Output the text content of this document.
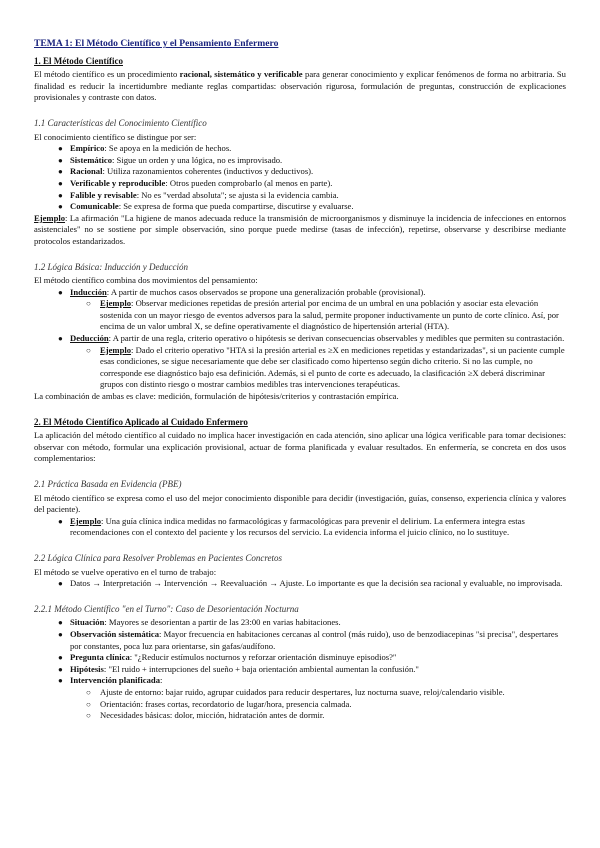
TEMA 1: El Método Científico y el Pensamiento Enfermero

1. El Método Científico

El método científico es un procedimiento racional, sistemático y verificable para generar conocimiento y explicar fenómenos de forma no arbitraria. Su finalidad es reducir la incertidumbre mediante reglas compartidas: observación rigurosa, formulación de preguntas, construcción de explicaciones provisionales y contraste con datos.

1.1 Características del Conocimiento Científico

El conocimiento científico se distingue por ser:

● Empírico: Se apoya en la medición de hechos.
● Sistemático: Sigue un orden y una lógica, no es improvisado.
● Racional: Utiliza razonamientos coherentes (inductivos y deductivos).
● Verificable y reproducible: Otros pueden comprobarlo (al menos en parte).
● Falible y revisable: No es "verdad absoluta"; se ajusta si la evidencia cambia.
● Comunicable: Se expresa de forma que pueda compartirse, discutirse y evaluarse.

Ejemplo: La afirmación "La higiene de manos adecuada reduce la transmisión de microorganismos y disminuye la incidencia de infecciones en entornos asistenciales" no se sostiene por simple observación, sino porque puede medirse (tasas de infección), repetirse, observarse y describirse mediante protocolos estandarizados.

1.2 Lógica Básica: Inducción y Deducción

El método científico combina dos movimientos del pensamiento:

● Inducción: A partir de muchos casos observados se propone una generalización probable (provisional).
○ Ejemplo: Observar mediciones repetidas de presión arterial por encima de un umbral en una población y asociar esta elevación sostenida con un mayor riesgo de eventos adversos para la salud, permite proponer inductivamente un punto de corte clínico. Así, por encima de un valor umbral X, se define operativamente el diagnóstico de hipertensión arterial (HTA).
● Deducción: A partir de una regla, criterio operativo o hipótesis se derivan consecuencias observables y medibles que permiten su contrastación.
○ Ejemplo: Dado el criterio operativo "HTA si la presión arterial es ≥X en mediciones repetidas y estandarizadas", si un paciente cumple esas condiciones, se sigue necesariamente que debe ser clasificado como hipertenso según dicho criterio. Si no las cumple, no corresponde ese diagnóstico bajo esa definición. Además, si el punto de corte es adecuado, la clasificación ≥X deberá discriminar grupos con distinto riesgo o mostrar cambios medibles tras intervenciones terapéuticas.

La combinación de ambas es clave: medición, formulación de hipótesis/criterios y contrastación empírica.

2. El Método Científico Aplicado al Cuidado Enfermero

La aplicación del método científico al cuidado no implica hacer investigación en cada atención, sino aplicar una lógica verificable para tomar decisiones: observar con método, formular una explicación provisional, actuar de forma planificada y evaluar resultados. En enfermería, se concreta en dos usos complementarios:

2.1 Práctica Basada en Evidencia (PBE)

El método científico se expresa como el uso del mejor conocimiento disponible para decidir (investigación, guías, consenso, experiencia clínica y valores del paciente).

● Ejemplo: Una guía clínica indica medidas no farmacológicas y farmacológicas para prevenir el delirium. La enfermera integra estas recomendaciones con el contexto del paciente y los recursos del servicio. La evidencia informa el juicio clínico, no lo sustituye.

2.2 Lógica Clínica para Resolver Problemas en Pacientes Concretos

El método se vuelve operativo en el turno de trabajo:

● Datos → Interpretación → Intervención → Reevaluación → Ajuste. Lo importante es que la decisión sea racional y evaluable, no improvisada.

2.2.1 Método Científico "en el Turno": Caso de Desorientación Nocturna

● Situación: Mayores se desorientan a partir de las 23:00 en varias habitaciones.
● Observación sistemática: Mayor frecuencia en habitaciones cercanas al control (más ruido), uso de benzodiacepinas "si precisa", despertares por constantes, poca luz para orientarse, sin gafas/audífono.
● Pregunta clínica: "¿Reducir estímulos nocturnos y reforzar orientación disminuye episodios?"
● Hipótesis: "El ruido + interrupciones del sueño + baja orientación ambiental aumentan la confusión."
● Intervención planificada:
○ Ajuste de entorno: bajar ruido, agrupar cuidados para reducir despertares, luz nocturna suave, reloj/calendario visible.
○ Orientación: frases cortas, recordatorio de lugar/hora, presencia calmada.
○ Necesidades básicas: dolor, micción, hidratación antes de dormir.
